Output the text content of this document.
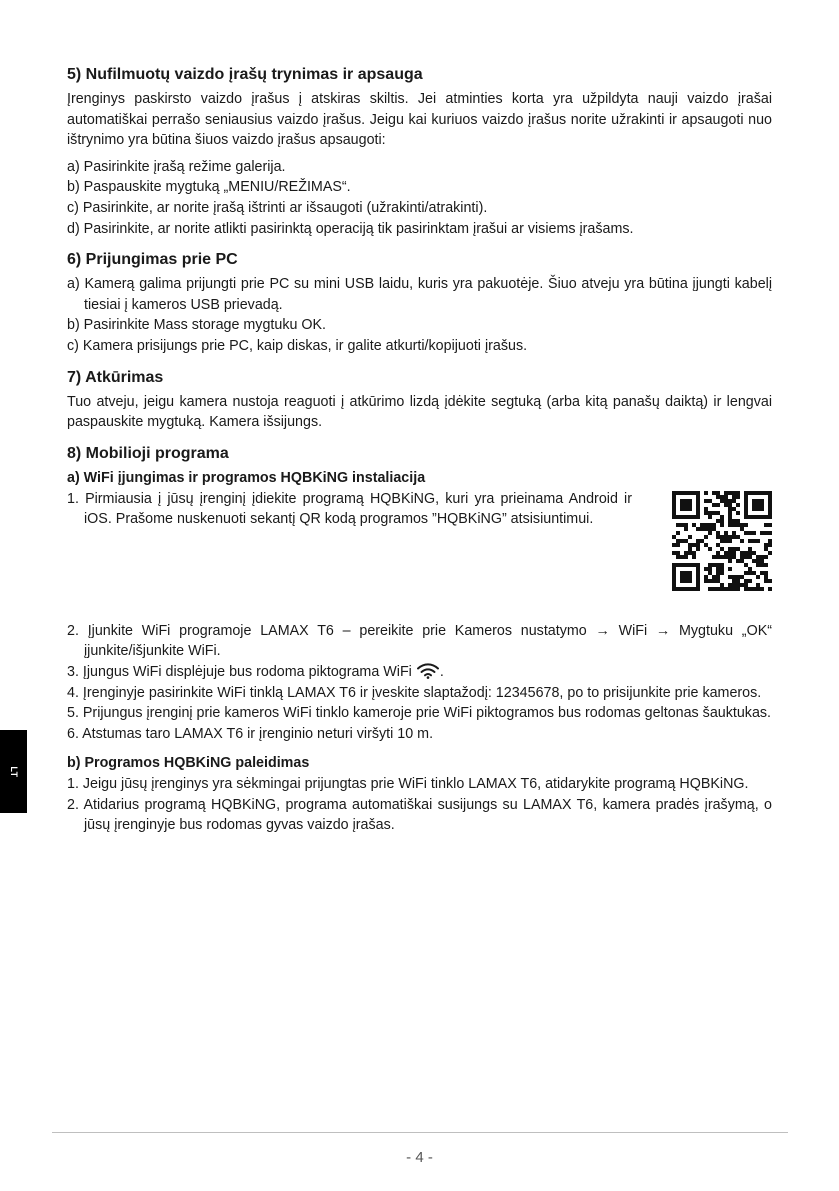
LT
5) Nufilmuotų vaizdo įrašų trynimas ir apsauga

Įrenginys paskirsto vaizdo įrašus į atskiras skiltis. Jei atminties korta yra užpildyta nauji vaizdo įrašai automatiškai perrašo seniausius vaizdo įrašus. Jeigu kai kuriuos vaizdo įrašus norite užrakinti ir apsaugoti nuo ištrynimo yra būtina šiuos vaizdo įrašus apsaugoti:

a) Pasirinkite įrašą režime galerija.
b) Paspauskite mygtuką „MENIU/REŽIMAS“.
c) Pasirinkite, ar norite įrašą ištrinti ar išsaugoti (užrakinti/atrakinti).
d) Pasirinkite, ar norite atlikti pasirinktą operaciją tik pasirinktam įrašui ar visiems įrašams.
6) Prijungimas prie PC
a) Kamerą galima prijungti prie PC su mini USB laidu, kuris yra pakuotėje. Šiuo atveju yra būtina įjungti kabelį tiesiai į kameros USB prievadą.
b) Pasirinkite Mass storage mygtuku OK.
c) Kamera prisijungs prie PC, kaip diskas, ir galite atkurti/kopijuoti įrašus.
7) Atkūrimas

Tuo atveju, jeigu kamera nustoja reaguoti į atkūrimo lizdą įdėkite segtuką (arba kitą panašų daiktą) ir lengvai paspauskite mygtuką. Kamera išsijungs.

8) Mobilioji programa
a) WiFi įjungimas ir programos HQBKiNG instaliacija
1. Pirmiausia į jūsų įrenginį įdiekite programą HQBKiNG, kuri yra prieinama Android ir iOS. Prašome nuskenuoti sekantį QR kodą programos ”HQBKiNG” atsisiuntimui.
2. Įjunkite WiFi programoje LAMAX T6 – pereikite prie Kameros nustatymo → WiFi → Mygtuku „OK“ įjunkite/išjunkite WiFi.
3. Įjungus WiFi displėjuje bus rodoma piktograma WiFi .
4. Įrenginyje pasirinkite WiFi tinklą LAMAX T6 ir įveskite slaptažodį: 12345678, po to prisijunkite prie kameros.
5. Prijungus įrenginį prie kameros WiFi tinklo kameroje prie WiFi piktogramos bus rodomas geltonas šauktukas.
6. Atstumas taro LAMAX T6 ir įrenginio neturi viršyti 10 m.
b) Programos HQBKiNG paleidimas
1. Jeigu jūsų įrenginys yra sėkmingai prijungtas prie WiFi tinklo LAMAX T6, atidarykite programą HQBKiNG.
2. Atidarius programą HQBKiNG, programa automatiškai susijungs su LAMAX T6, kamera pradės įrašymą, o jūsų įrenginyje bus rodomas gyvas vaizdo įrašas.
- 4 -
